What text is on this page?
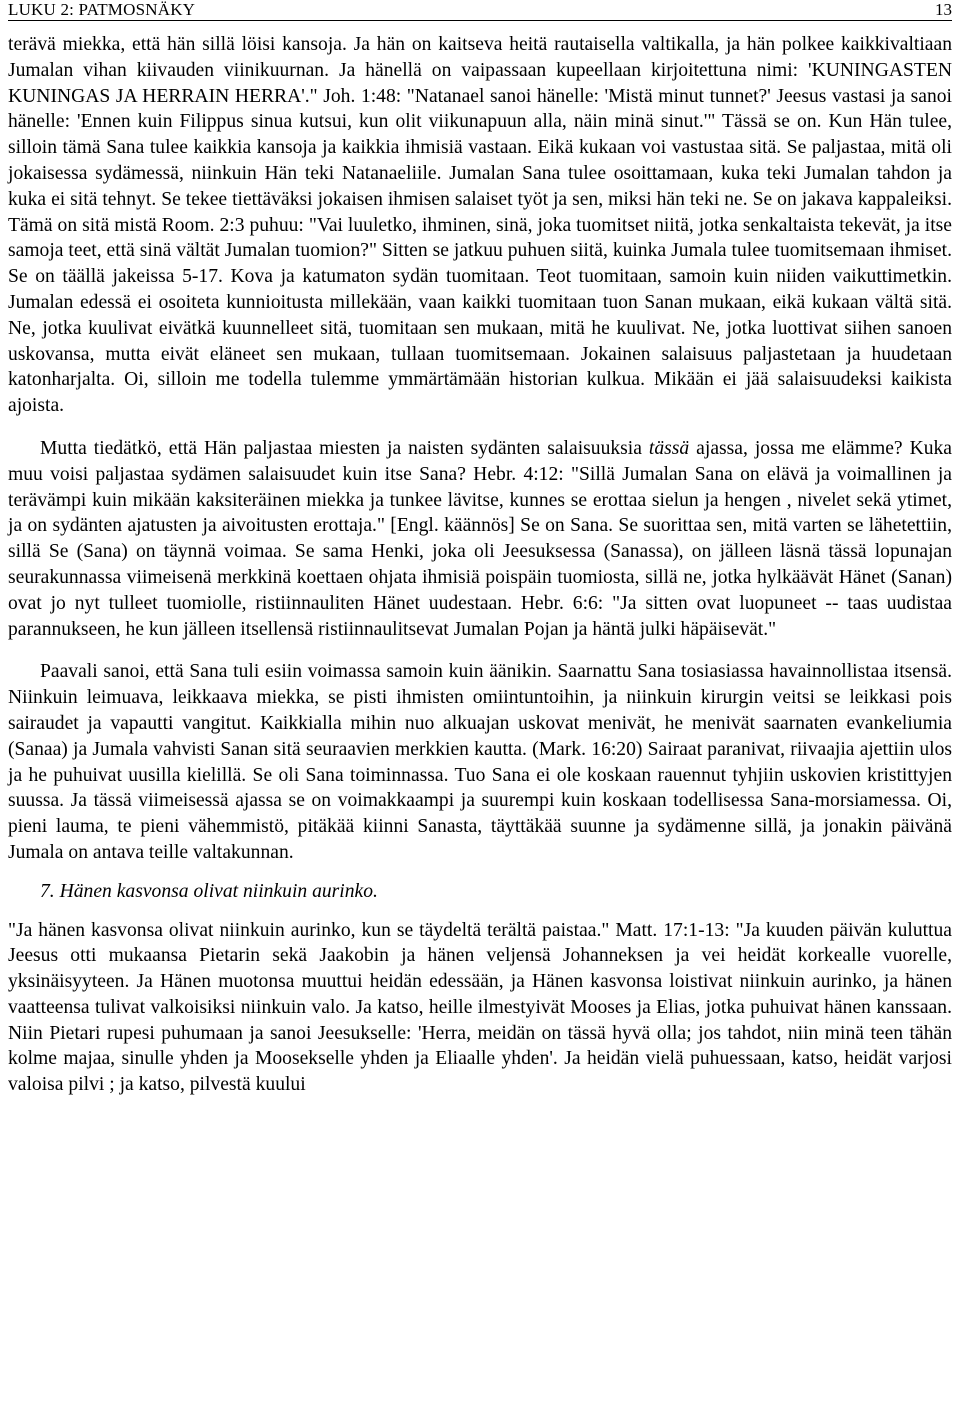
LUKU 2: PATMOSNÄKY	13

terävä miekka, että hän sillä löisi kansoja. Ja hän on kaitseva heitä rautaisella valtikalla, ja hän polkee kaikkivaltiaan Jumalan vihan kiivauden viinikuurnan. Ja hänellä on vaipassaan kupeellaan kirjoitettuna nimi: 'KUNINGASTEN KUNINGAS JA HERRAIN HERRA'." Joh. 1:48: "Natanael sanoi hänelle: 'Mistä minut tunnet?' Jeesus vastasi ja sanoi hänelle: 'Ennen kuin Filippus sinua kutsui, kun olit viikunapuun alla, näin minä sinut.'" Tässä se on. Kun Hän tulee, silloin tämä Sana tulee kaikkia kansoja ja kaikkia ihmisiä vastaan. Eikä kukaan voi vastustaa sitä. Se paljastaa, mitä oli jokaisessa sydämessä, niinkuin Hän teki Natanaeliile. Jumalan Sana tulee osoittamaan, kuka teki Jumalan tahdon ja kuka ei sitä tehnyt. Se tekee tiettäväksi jokaisen ihmisen salaiset työt ja sen, miksi hän teki ne. Se on jakava kappaleiksi. Tämä on sitä mistä Room. 2:3 puhuu: "Vai luuletko, ihminen, sinä, joka tuomitset niitä, jotka senkaltaista tekevät, ja itse samoja teet, että sinä vältät Jumalan tuomion?" Sitten se jatkuu puhuen siitä, kuinka Jumala tulee tuomitsemaan ihmiset. Se on täällä jakeissa 5-17. Kova ja katumaton sydän tuomitaan. Teot tuomitaan, samoin kuin niiden vaikuttimetkin. Jumalan edessä ei osoiteta kunnioitusta millekään, vaan kaikki tuomitaan tuon Sanan mukaan, eikä kukaan vältä sitä. Ne, jotka kuulivat eivätkä kuunnelleet sitä, tuomitaan sen mukaan, mitä he kuulivat. Ne, jotka luottivat siihen sanoen uskovansa, mutta eivät eläneet sen mukaan, tullaan tuomitsemaan. Jokainen salaisuus paljastetaan ja huudetaan katonharjalta. Oi, silloin me todella tulemme ymmärtämään historian kulkua. Mikään ei jää salaisuudeksi kaikista ajoista.

Mutta tiedätkö, että Hän paljastaa miesten ja naisten sydänten salaisuuksia tässä ajassa, jossa me elämme? Kuka muu voisi paljastaa sydämen salaisuudet kuin itse Sana? Hebr. 4:12: "Sillä Jumalan Sana on elävä ja voimallinen ja terävämpi kuin mikään kaksiteräinen miekka ja tunkee lävitse, kunnes se erottaa sielun ja hengen , nivelet sekä ytimet, ja on sydänten ajatusten ja aivoitusten erottaja." [Engl. käännös] Se on Sana. Se suorittaa sen, mitä varten se lähetettiin, sillä Se (Sana) on täynnä voimaa. Se sama Henki, joka oli Jeesuksessa (Sanassa), on jälleen läsnä tässä lopunajan seurakunnassa viimeisenä merkkinä koettaen ohjata ihmisiä poispäin tuomiosta, sillä ne, jotka hylkäävät Hänet (Sanan) ovat jo nyt tulleet tuomiolle, ristiinnauliten Hänet uudestaan. Hebr. 6:6: "Ja sitten ovat luopuneet -- taas uudistaa parannukseen, he kun jälleen itsellensä ristiinnaulitsevat Jumalan Pojan ja häntä julki häpäisevät."

Paavali sanoi, että Sana tuli esiin voimassa samoin kuin äänikin. Saarnattu Sana tosiasiassa havainnollistaa itsensä. Niinkuin leimuava, leikkaava miekka, se pisti ihmisten omiintuntoihin, ja niinkuin kirurgin veitsi se leikkasi pois sairaudet ja vapautti vangitut. Kaikkialla mihin nuo alkuajan uskovat menivät, he menivät saarnaten evankeliumia (Sanaa) ja Jumala vahvisti Sanan sitä seuraavien merkkien kautta. (Mark. 16:20) Sairaat paranivat, riivaajia ajettiin ulos ja he puhuivat uusilla kielillä. Se oli Sana toiminnassa. Tuo Sana ei ole koskaan rauennut tyhjiin uskovien kristittyjen suussa. Ja tässä viimeisessä ajassa se on voimakkaampi ja suurempi kuin koskaan todellisessa Sana-morsiamessa. Oi, pieni lauma, te pieni vähemmistö, pitäkää kiinni Sanasta, täyttäkää suunne ja sydämenne sillä, ja jonakin päivänä Jumala on antava teille valtakunnan.

7. Hänen kasvonsa olivat niinkuin aurinko.

"Ja hänen kasvonsa olivat niinkuin aurinko, kun se täydeltä terältä paistaa." Matt. 17:1-13: "Ja kuuden päivän kuluttua Jeesus otti mukaansa Pietarin sekä Jaakobin ja hänen veljensä Johanneksen ja vei heidät korkealle vuorelle, yksinäisyyteen. Ja Hänen muotonsa muuttui heidän edessään, ja Hänen kasvonsa loistivat niinkuin aurinko, ja hänen vaatteensa tulivat valkoisiksi niinkuin valo. Ja katso, heille ilmestyivät Mooses ja Elias, jotka puhuivat hänen kanssaan. Niin Pietari rupesi puhumaan ja sanoi Jeesukselle: 'Herra, meidän on tässä hyvä olla; jos tahdot, niin minä teen tähän kolme majaa, sinulle yhden ja Moosekselle yhden ja Eliaalle yhden'. Ja heidän vielä puhuessaan, katso, heidät varjosi valoisa pilvi ; ja katso, pilvestä kuului
